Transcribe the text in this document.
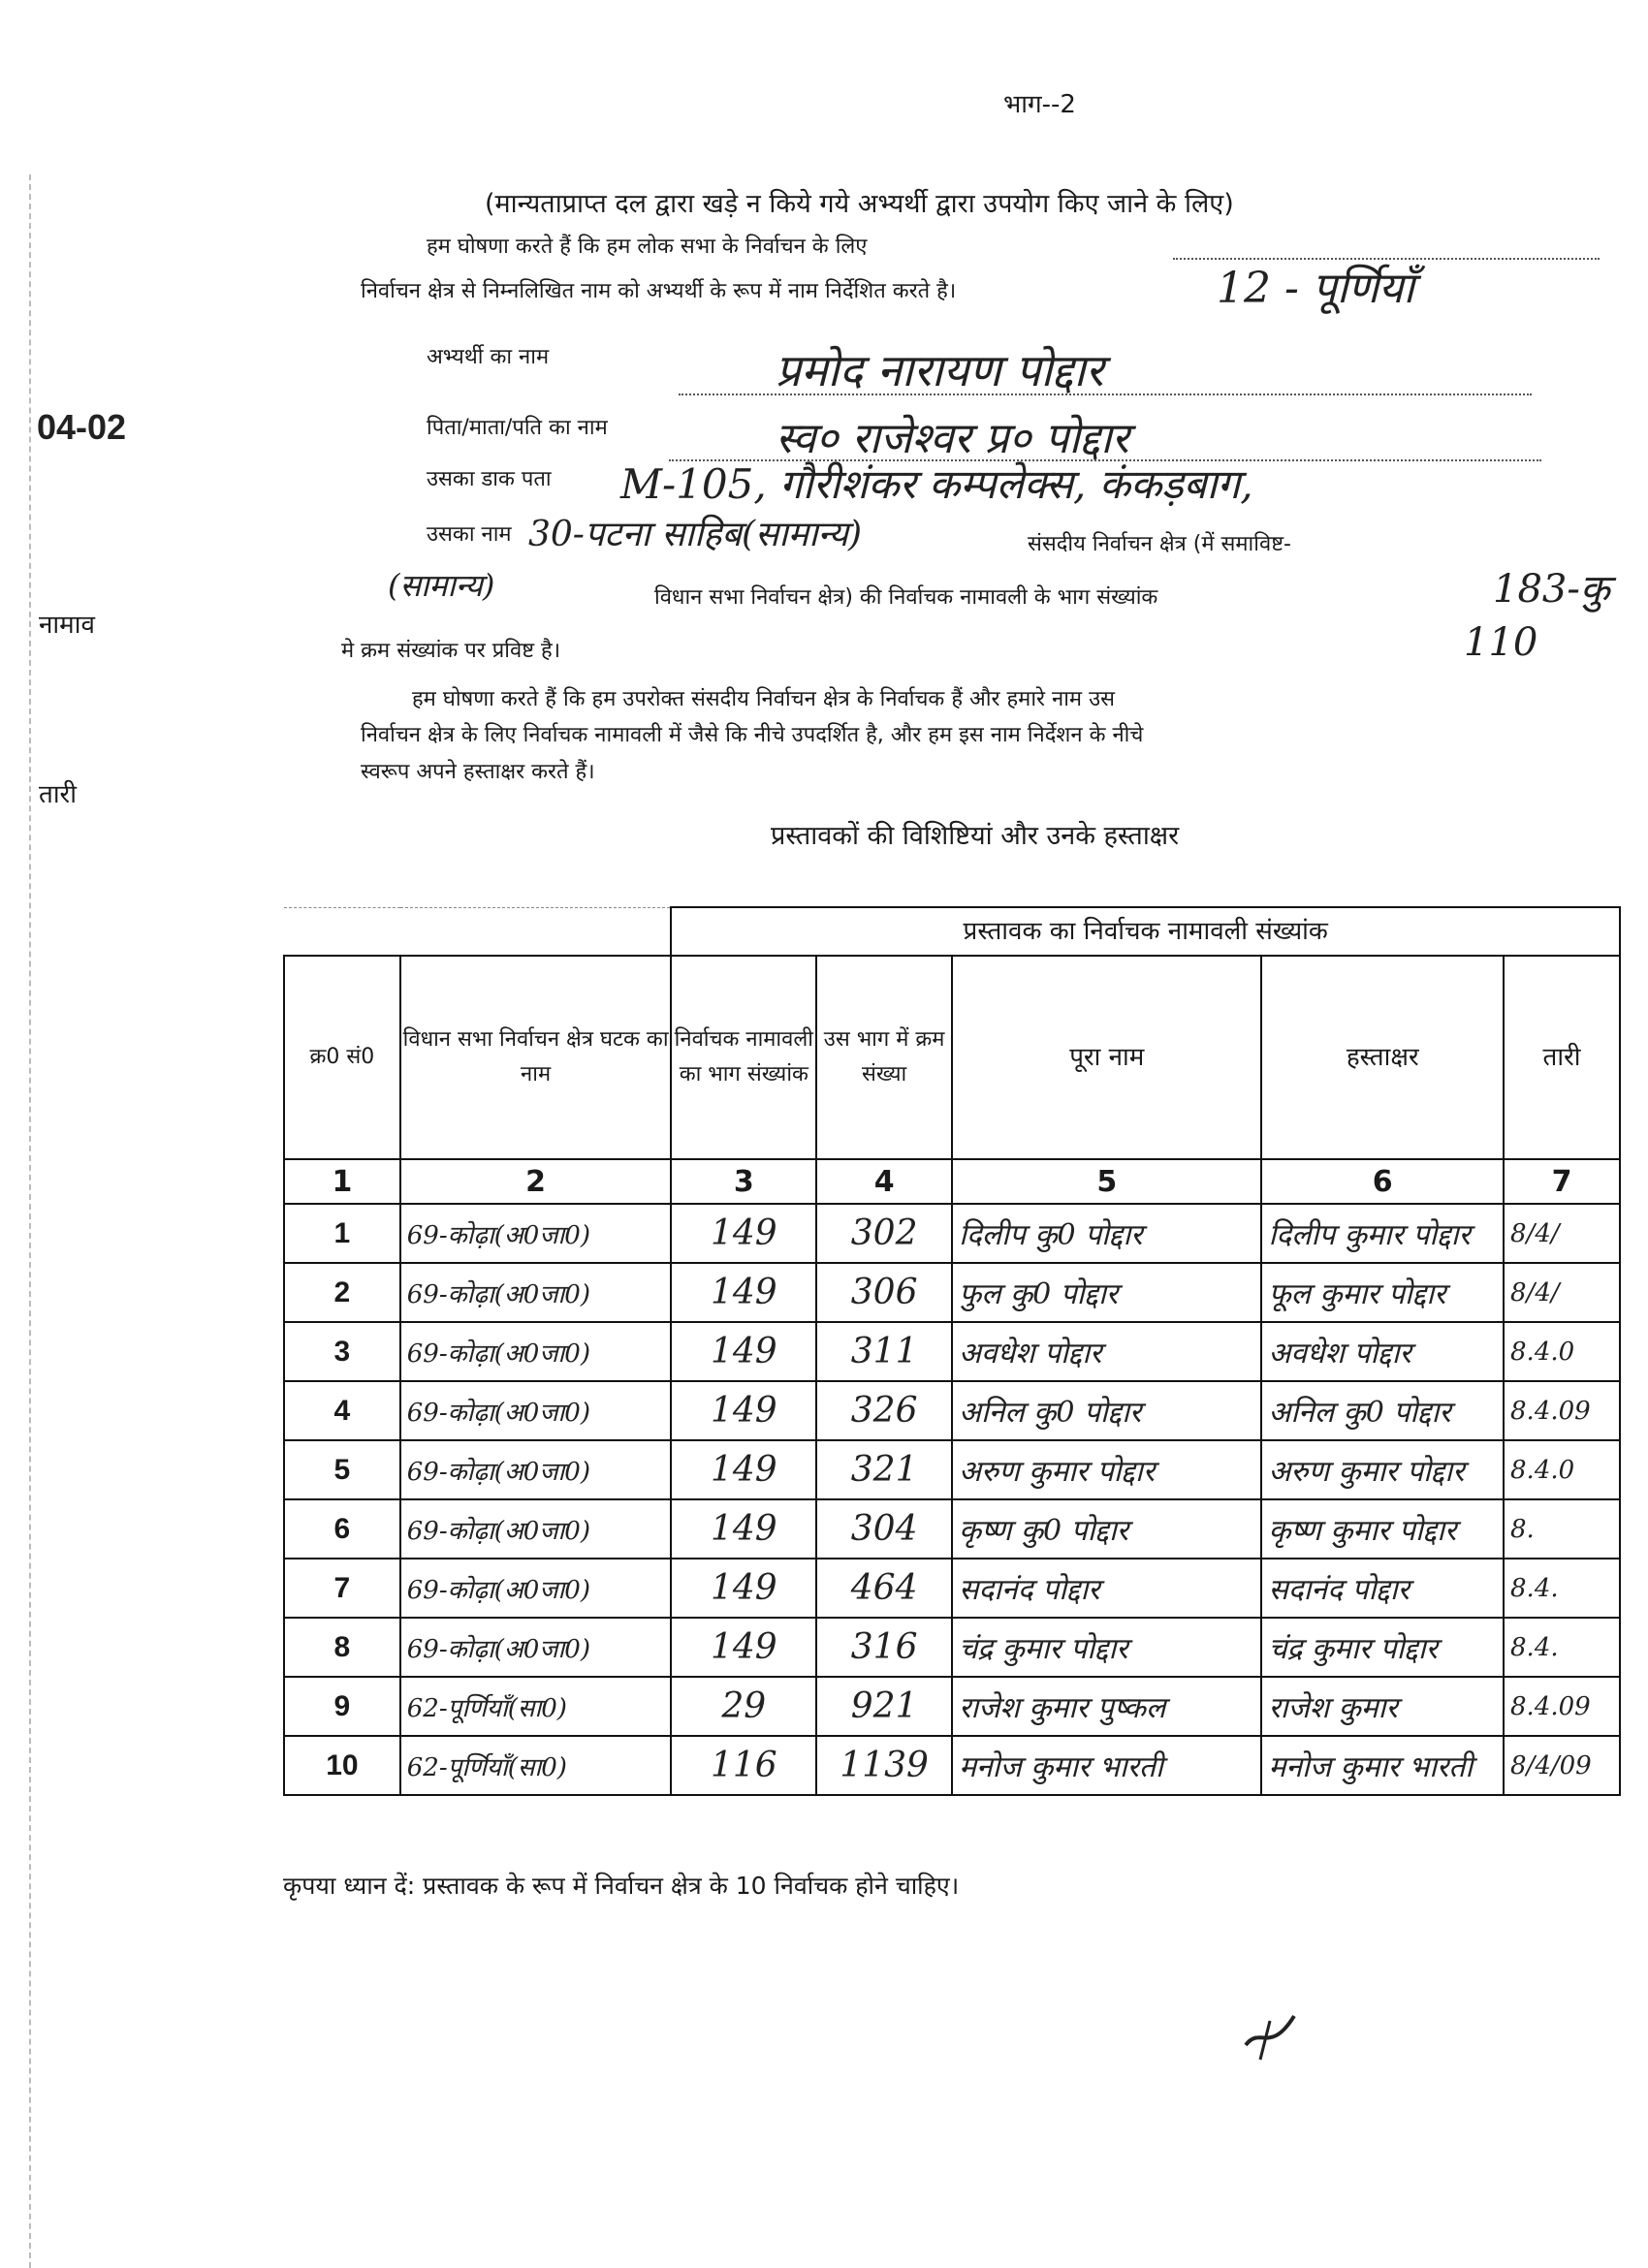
04-02
नामाव
तारी
भाग--2
(मान्यताप्राप्त दल द्वारा खड़े न किये गये अभ्यर्थी द्वारा उपयोग किए जाने के लिए)
हम घोषणा करते हैं कि हम लोक सभा के निर्वाचन के लिए
12 - पूर्णियाँ
निर्वाचन क्षेत्र से निम्नलिखित नाम को अभ्यर्थी के रूप में नाम निर्देशित करते है।
अभ्यर्थी का नाम	प्रमोद नारायण पोद्दार
पिता/माता/पति का नाम	स्व० राजेश्वर प्र० पोद्दार
उसका डाक पता M-105, गौरीशंकर कम्पलेक्स, कंकड़बाग,
उसका नाम 30-पटना साहिब(सामान्य)	संसदीय निर्वाचन क्षेत्र (में समाविष्ट-
183-कु
(सामान्य)	विधान सभा निर्वाचन क्षेत्र) की निर्वाचक नामावली के भाग संख्यांक
110
मे क्रम संख्यांक पर प्रविष्ट है।
हम घोषणा करते हैं कि हम उपरोक्त संसदीय निर्वाचन क्षेत्र के निर्वाचक हैं और हमारे नाम उस
निर्वाचन क्षेत्र के लिए निर्वाचक नामावली में जैसे कि नीचे उपदर्शित है, और हम इस नाम निर्देशन के नीचे
स्वरूप अपने हस्ताक्षर करते हैं।
प्रस्तावकों की विशिष्टियां और उनके हस्ताक्षर
		प्रस्तावक का निर्वाचक नामावली संख्यांक				
क्र0 सं0	विधान सभा निर्वाचन क्षेत्र घटक का नाम	निर्वाचक नामावली का भाग संख्यांक	उस भाग में क्रम संख्या	पूरा नाम	हस्ताक्षर	तारी
1	2	3	4	5	6	7
1	69-कोढ़ा(अ0जा0)	149	302	दिलीप कु0 पोद्दार	दिलीप कुमार पोद्दार	8/4/
2	69-कोढ़ा(अ0जा0)	149	306	फुल कु0 पोद्दार	फूल कुमार पोद्दार	8/4/
3	69-कोढ़ा(अ0जा0)	149	311	अवधेश पोद्दार	अवधेश पोद्दार	8.4.0
4	69-कोढ़ा(अ0जा0)	149	326	अनिल कु0 पोद्दार	अनिल कु0 पोद्दार	8.4.09
5	69-कोढ़ा(अ0जा0)	149	321	अरुण कुमार पोद्दार	अरुण कुमार पोद्दार	8.4.0
6	69-कोढ़ा(अ0जा0)	149	304	कृष्ण कु0 पोद्दार	कृष्ण कुमार पोद्दार	8.
7	69-कोढ़ा(अ0जा0)	149	464	सदानंद पोद्दार	सदानंद पोद्दार	8.4.
8	69-कोढ़ा(अ0जा0)	149	316	चंद्र कुमार पोद्दार	चंद्र कुमार पोद्दार	8.4.
9	62-पूर्णियाँ(सा0)	29	921	राजेश कुमार पुष्कल	राजेश कुमार	8.4.09
10	62-पूर्णियाँ(सा0)	116	1139	मनोज कुमार भारती	मनोज कुमार भारती	8/4/09
कृपया ध्यान दें: प्रस्तावक के रूप में निर्वाचन क्षेत्र के 10 निर्वाचक होने चाहिए।
